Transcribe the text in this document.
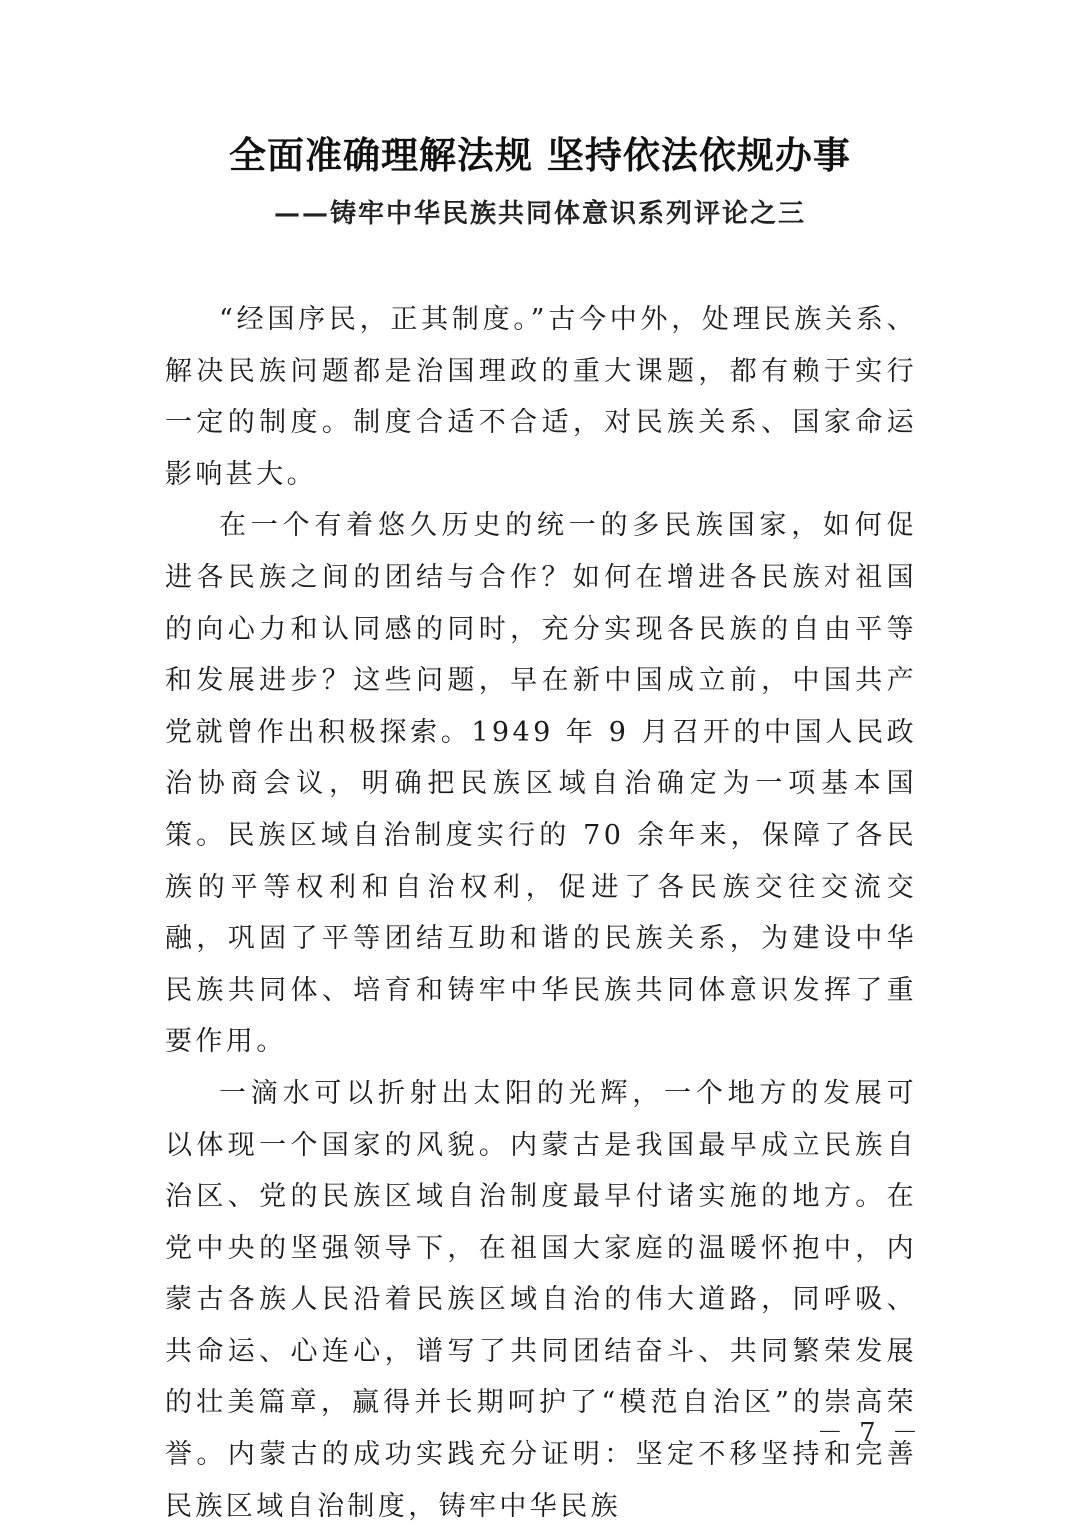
全面准确理解法规 坚持依法依规办事
——铸牢中华民族共同体意识系列评论之三

“经国序民，正其制度。”古今中外，处理民族关系、解决民族问题都是治国理政的重大课题，都有赖于实行一定的制度。制度合适不合适，对民族关系、国家命运影响甚大。

在一个有着悠久历史的统一的多民族国家，如何促进各民族之间的团结与合作？如何在增进各民族对祖国的向心力和认同感的同时，充分实现各民族的自由平等和发展进步？这些问题，早在新中国成立前，中国共产党就曾作出积极探索。1949 年 9 月召开的中国人民政治协商会议，明确把民族区域自治确定为一项基本国策。民族区域自治制度实行的 70 余年来，保障了各民族的平等权利和自治权利，促进了各民族交往交流交融，巩固了平等团结互助和谐的民族关系，为建设中华民族共同体、培育和铸牢中华民族共同体意识发挥了重要作用。

一滴水可以折射出太阳的光辉，一个地方的发展可以体现一个国家的风貌。内蒙古是我国最早成立民族自治区、党的民族区域自治制度最早付诸实施的地方。在党中央的坚强领导下，在祖国大家庭的温暖怀抱中，内蒙古各族人民沿着民族区域自治的伟大道路，同呼吸、共命运、心连心，谱写了共同团结奋斗、共同繁荣发展的壮美篇章，赢得并长期呵护了“模范自治区”的崇高荣誉。内蒙古的成功实践充分证明：坚定不移坚持和完善民族区域自治制度，铸牢中华民族

－ 7 －
